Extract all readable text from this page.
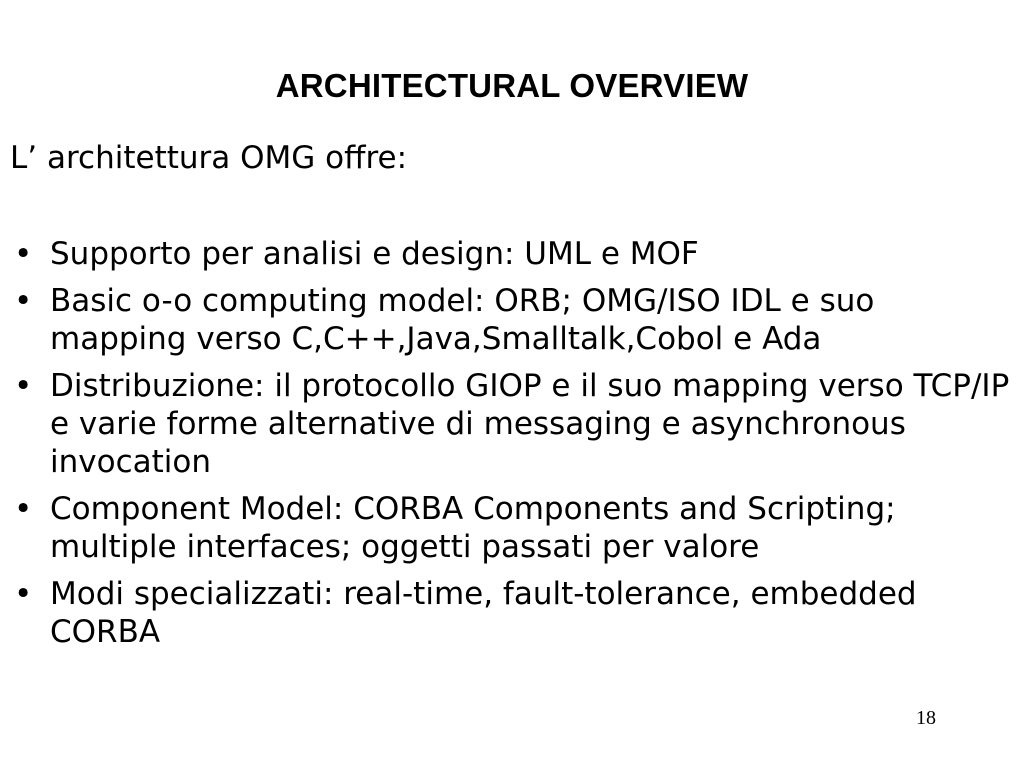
ARCHITECTURAL OVERVIEW
L’ architettura OMG offre:
• Supporto per analisi e design: UML e MOF
• Basic o-o computing model: ORB; OMG/ISO IDL e suo mapping verso C,C++,Java,Smalltalk,Cobol e Ada
• Distribuzione: il protocollo GIOP e il suo mapping verso TCP/IP e varie forme alternative di messaging e asynchronous invocation
• Component Model: CORBA Components and Scripting; multiple interfaces; oggetti passati per valore
• Modi specializzati: real-time, fault-tolerance, embedded CORBA
18
